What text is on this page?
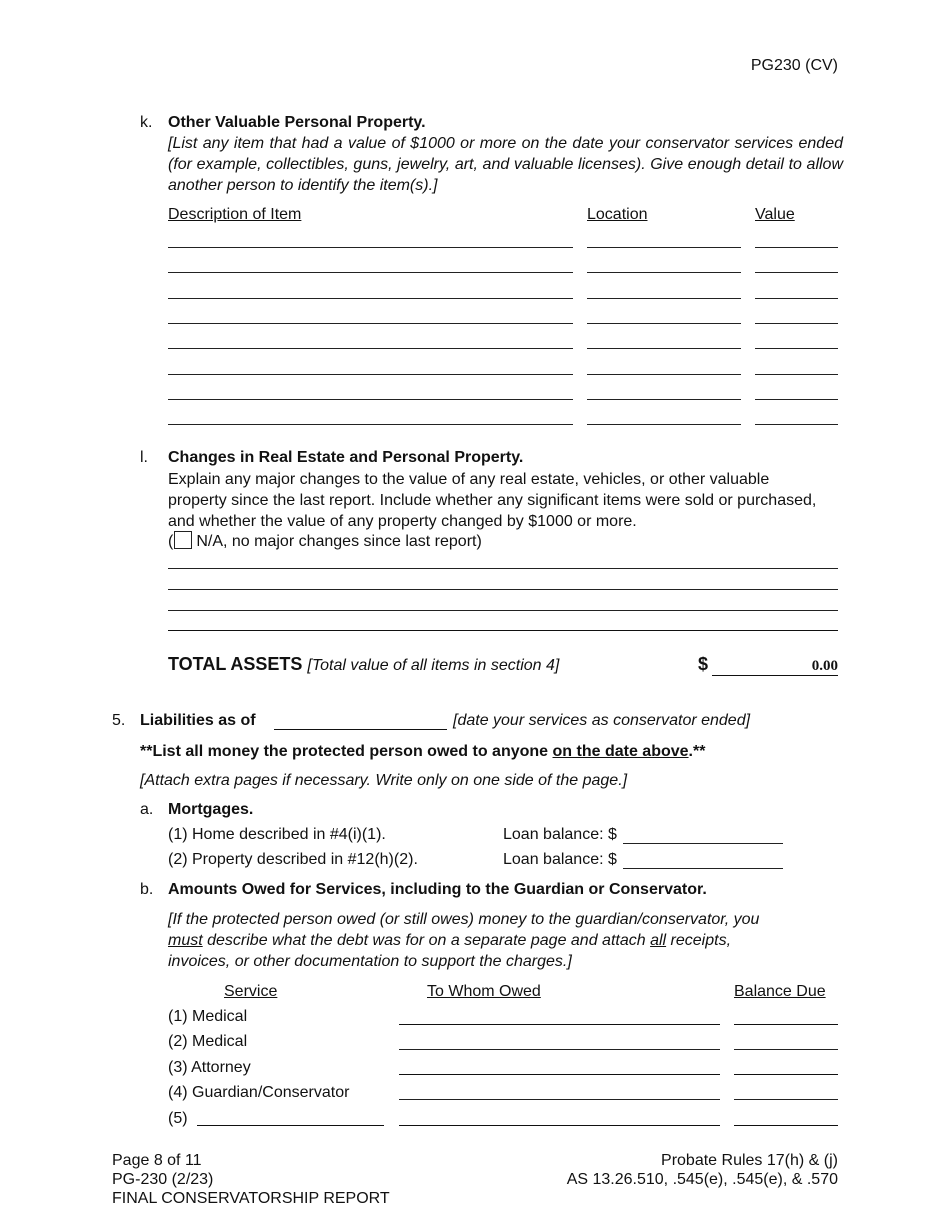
PG230 (CV)
k. Other Valuable Personal Property.
[List any item that had a value of $1000 or more on the date your conservator services ended (for example, collectibles, guns, jewelry, art, and valuable licenses). Give enough detail to allow another person to identify the item(s).]
Description of Item	Location	Value
l. Changes in Real Estate and Personal Property.
Explain any major changes to the value of any real estate, vehicles, or other valuable property since the last report. Include whether any significant items were sold or purchased, and whether the value of any property changed by $1000 or more.
( N/A, no major changes since last report)
TOTAL ASSETS [Total value of all items in section 4]	$	0.00
5. Liabilities as of	[date your services as conservator ended]
**List all money the protected person owed to anyone on the date above.**
[Attach extra pages if necessary. Write only on one side of the page.]
a. Mortgages.
(1) Home described in #4(i)(1).	Loan balance: $
(2) Property described in #12(h)(2).	Loan balance: $
b. Amounts Owed for Services, including to the Guardian or Conservator.
[If the protected person owed (or still owes) money to the guardian/conservator, you
must describe what the debt was for on a separate page and attach all receipts,
invoices, or other documentation to support the charges.]
Service	To Whom Owed	Balance Due
(1) Medical
(2) Medical
(3) Attorney
(4) Guardian/Conservator
(5)
Page 8 of 11
PG-230 (2/23)
FINAL CONSERVATORSHIP REPORT
Probate Rules 17(h) & (j)
AS 13.26.510, .545(e), .545(e), & .570
